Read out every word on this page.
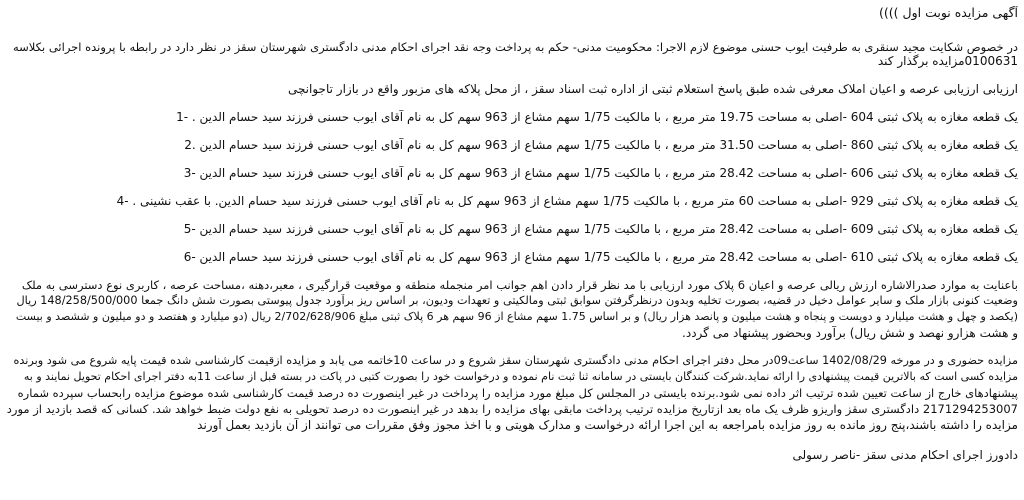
آگهی مزایده نوبت اول ))))
در خصوص شکایت مجید سنقری به طرفیت ایوب حسنی موضوع لازم الاجرا: محکومیت مدنی- حکم به پرداخت وجه نقد اجرای احکام مدنی دادگستری شهرستان سقز در نظر دارد در رابطه با پرونده اجرائی بکلاسه
0100631مزایده برگذار کند
ارزیابی ارزیابی عرصه و اعیان املاک معرفی شده طبق پاسخ استعلام ثبتی از اداره ثبت اسناد سقز ، از محل پلاکه های مزبور واقع در بازار تاجوانچی
یک قطعه مغازه به پلاک ثبتی 604 -اصلی به مساحت 19.75 متر مربع ، با مالکیت 1/75 سهم مشاع از 963 سهم کل به نام آقای ایوب حسنی فرزند سید حسام الدین . -1
یک قطعه مغازه به پلاک ثبتی 860 -اصلی به مساحت 31.50 متر مربع ، با مالکیت 1/75 سهم مشاع از 963 سهم کل به نام آقای ایوب حسنی فرزند سید حسام الدین .2
یک قطعه مغازه به پلاک ثبتی 606 -اصلی به مساحت 28.42 متر مربع ، با مالکیت 1/75 سهم مشاع از 963 سهم کل به نام آقای ایوب حسنی فرزند سید حسام الدین -3
یک قطعه مغازه به پلاک ثبتی 929 -اصلی به مساحت 60 متر مربع ، با مالکیت 1/75 سهم مشاع از 963 سهم کل به نام آقای ایوب حسنی فرزند سید حسام الدین. با عقب نشینی . -4
یک قطعه مغازه به پلاک ثبتی 609 -اصلی به مساحت 28.42 متر مربع ، با مالکیت 1/75 سهم مشاع از 963 سهم کل به نام آقای ایوب حسنی فرزند سید حسام الدین -5
یک قطعه مغازه به پلاک ثبتی 610 -اصلی به مساحت 28.42 متر مربع ، با مالکیت 1/75 سهم مشاع از 963 سهم کل به نام آقای ایوب حسنی فرزند سید حسام الدین -6
باعنایت به موارد صدرالاشاره ارزش ریالی عرصه و اعیان 6 پلاک مورد ارزیابی با مد نظر قرار دادن اهم جوانب امر منجمله منطقه و موقعیت قرارگیری ، معبر،دهنه ،مساحت عرصه ، کاربری نوع دسترسی به ملک
وضعیت کنونی بازار ملک و سایر عوامل دخیل در قضیه، بصورت تخلیه وبدون درنظرگرفتن سوابق ثبتی ومالکیتی و تعهدات ودیون، بر اساس ریز برآورد جدول پیوستی بصورت شش دانگ جمعا 148/258/500/000 ریال
(یکصد و چهل و هشت میلیارد و دویست و پنجاه و هشت میلیون و پانصد هزار ریال) و بر اساس 1.75 سهم مشاع از 96 سهم هر 6 پلاک ثبتی مبلغ 2/702/628/906 ریال (دو میلیارد و هفتصد و دو میلیون و ششصد و بیست
و هشت هزارو نهصد و شش ریال) برآورد وبحضور پیشنهاد می گردد.
مزایده حضوری و در مورخه 1402/08/29 ساعت09در محل دفتر اجرای احکام مدنی دادگستری شهرستان سقز شروع و در ساعت 10خاتمه می یابد و مزایده ازقیمت کارشناسی شده قیمت پایه شروع می شود وبرنده
مزایده کسی است که بالاترین قیمت پیشنهادی را ارائه نماید.شرکت کنندگان بایستی در سامانه ثنا ثبت نام نموده و درخواست خود را بصورت کتبی در پاکت در بسته قبل از ساعت 11به دفتر اجرای احکام تحویل نمایند و به
پیشنهادهای خارج از ساعت تعیین شده ترتیب اثر داده نمی شود.برنده بایستی در المجلس کل مبلغ مورد مزایده را پرداخت در غیر اینصورت ده درصد قیمت کارشناسی شده موضوع مزایده رابحساب سپرده شماره
2171294253007 دادگستری سقز واریزو ظرف یک ماه بعد ازتاریخ مزایده ترتیب پرداخت مابقی بهای مزایده را بدهد در غیر اینصورت ده درصد تحویلی به نفع دولت ضبط خواهد شد. کسانی که قصد بازدید از مورد
مزایده را داشته باشند،پنج روز مانده به روز مزایده بامراجعه به این اجرا ارائه درخواست و مدارک هویتی و با اخذ مجوز وفق مقررات می توانند از آن بازدید بعمل آورند
دادورز اجرای احکام مدنی سقز -ناصر رسولی
